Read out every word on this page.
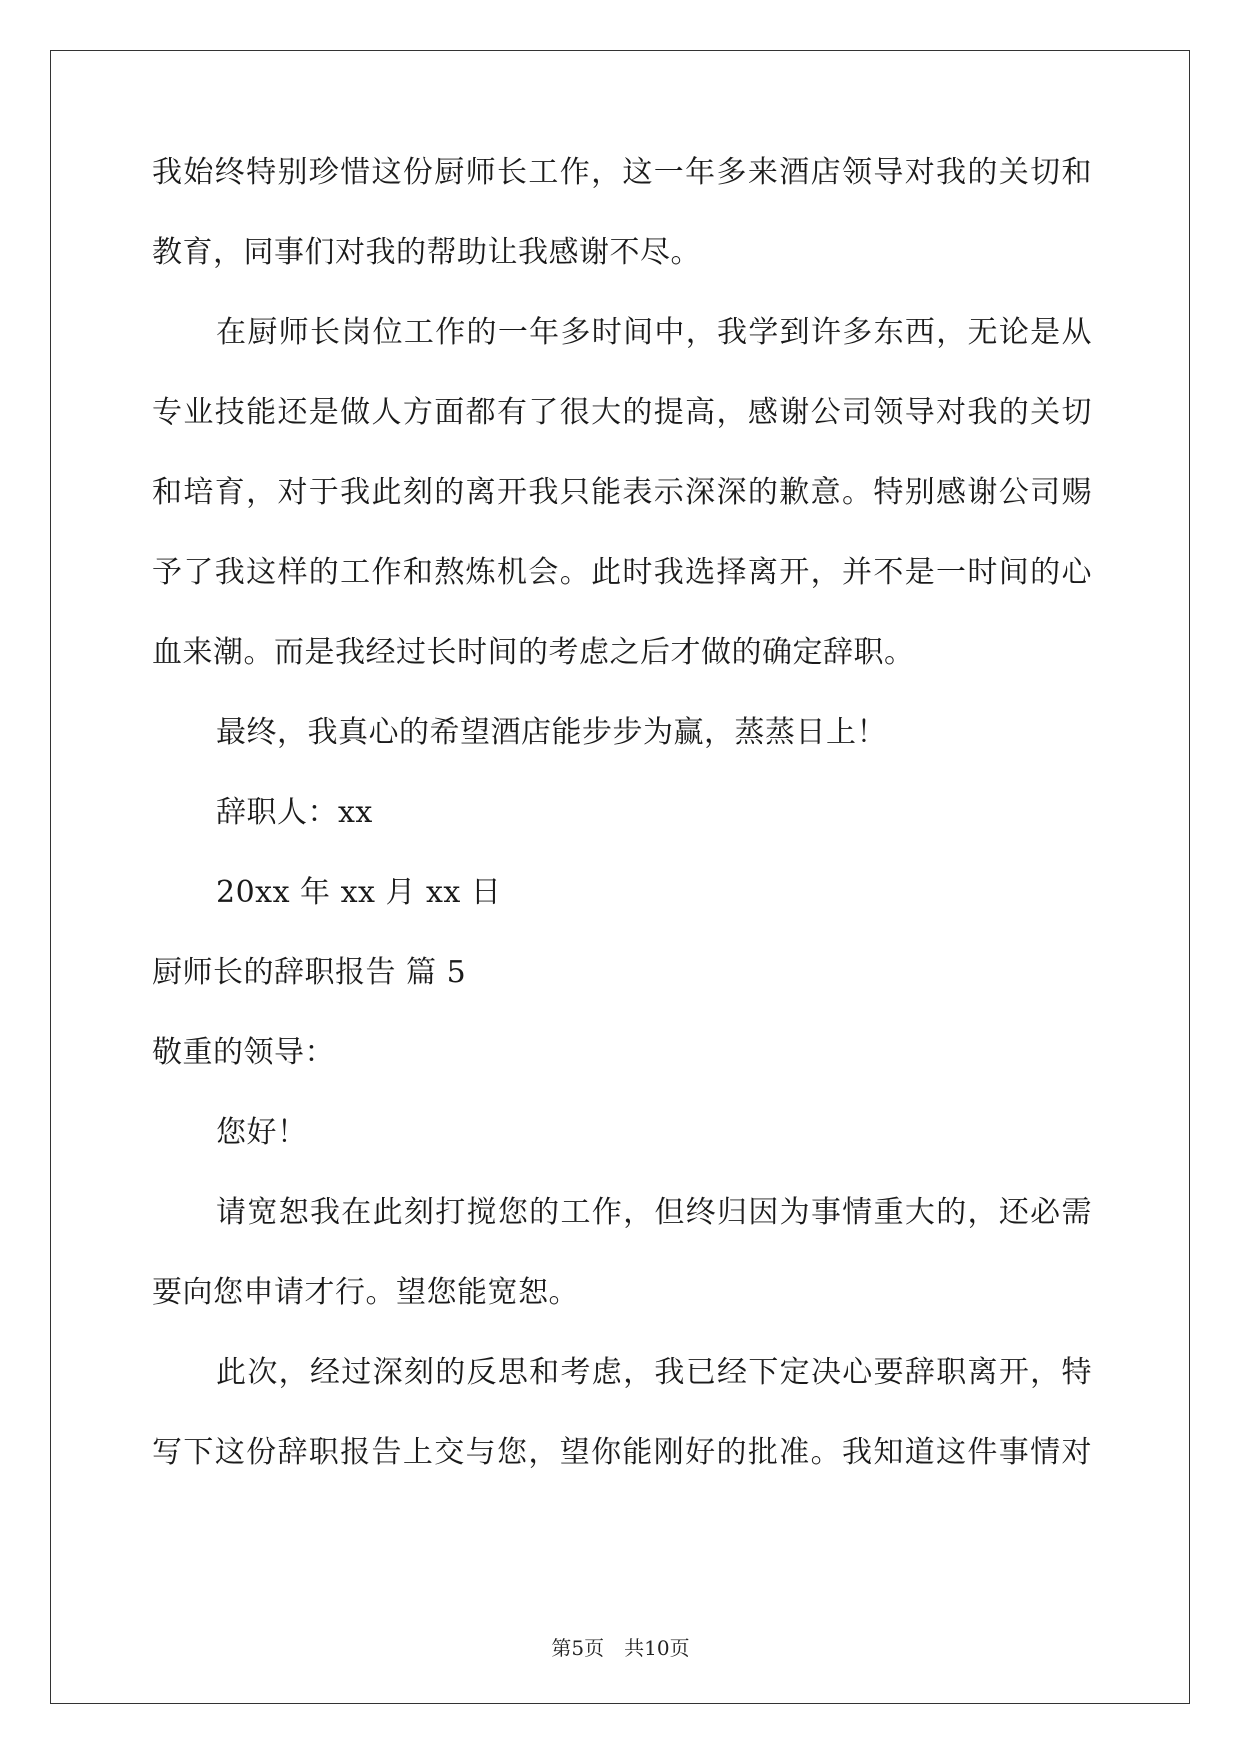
我始终特别珍惜这份厨师长工作，这一年多来酒店领导对我的关切和
教育，同事们对我的帮助让我感谢不尽。
在厨师长岗位工作的一年多时间中，我学到许多东西，无论是从
专业技能还是做人方面都有了很大的提高，感谢公司领导对我的关切
和培育，对于我此刻的离开我只能表示深深的歉意。特别感谢公司赐
予了我这样的工作和熬炼机会。此时我选择离开，并不是一时间的心
血来潮。而是我经过长时间的考虑之后才做的确定辞职。
最终，我真心的希望酒店能步步为赢，蒸蒸日上！
辞职人：xx
20xx 年 xx 月 xx 日
厨师长的辞职报告 篇 5
敬重的领导：
您好！
请宽恕我在此刻打搅您的工作，但终归因为事情重大的，还必需
要向您申请才行。望您能宽恕。
此次，经过深刻的反思和考虑，我已经下定决心要辞职离开，特
写下这份辞职报告上交与您，望你能刚好的批准。我知道这件事情对
第5页 共10页
